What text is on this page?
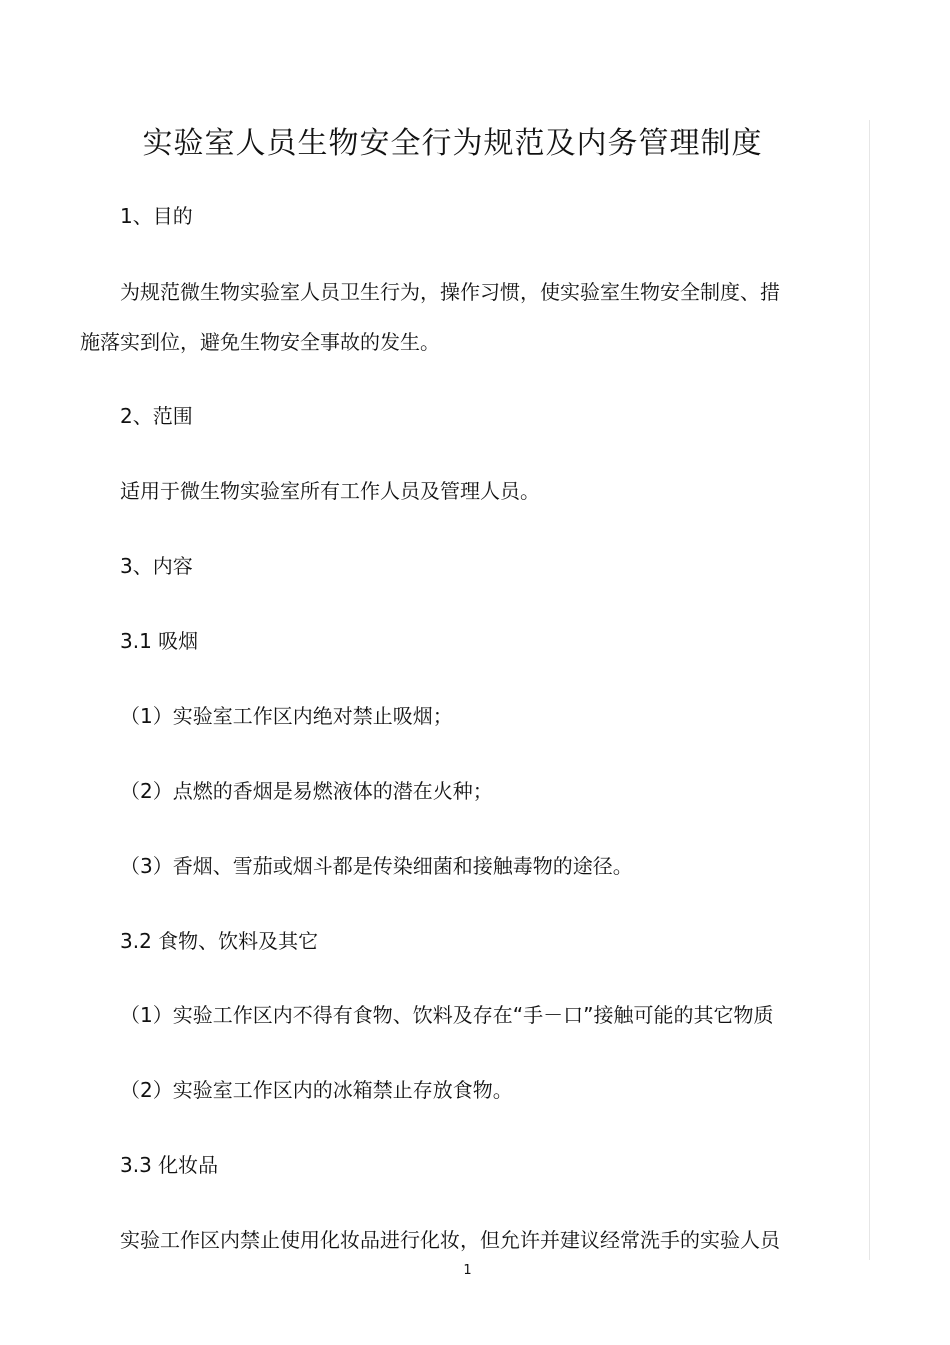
实验室人员生物安全行为规范及内务管理制度
1、目的
为规范微生物实验室人员卫生行为，操作习惯，使实验室生物安全制度、措
施落实到位，避免生物安全事故的发生。
2、范围
适用于微生物实验室所有工作人员及管理人员。
3、内容
3.1 吸烟
（1）实验室工作区内绝对禁止吸烟；
（2）点燃的香烟是易燃液体的潜在火种；
（3）香烟、雪茄或烟斗都是传染细菌和接触毒物的途径。
3.2 食物、饮料及其它
（1）实验工作区内不得有食物、饮料及存在“手－口”接触可能的其它物质
（2）实验室工作区内的冰箱禁止存放食物。
3.3 化妆品
实验工作区内禁止使用化妆品进行化妆，但允许并建议经常洗手的实验人员
1
